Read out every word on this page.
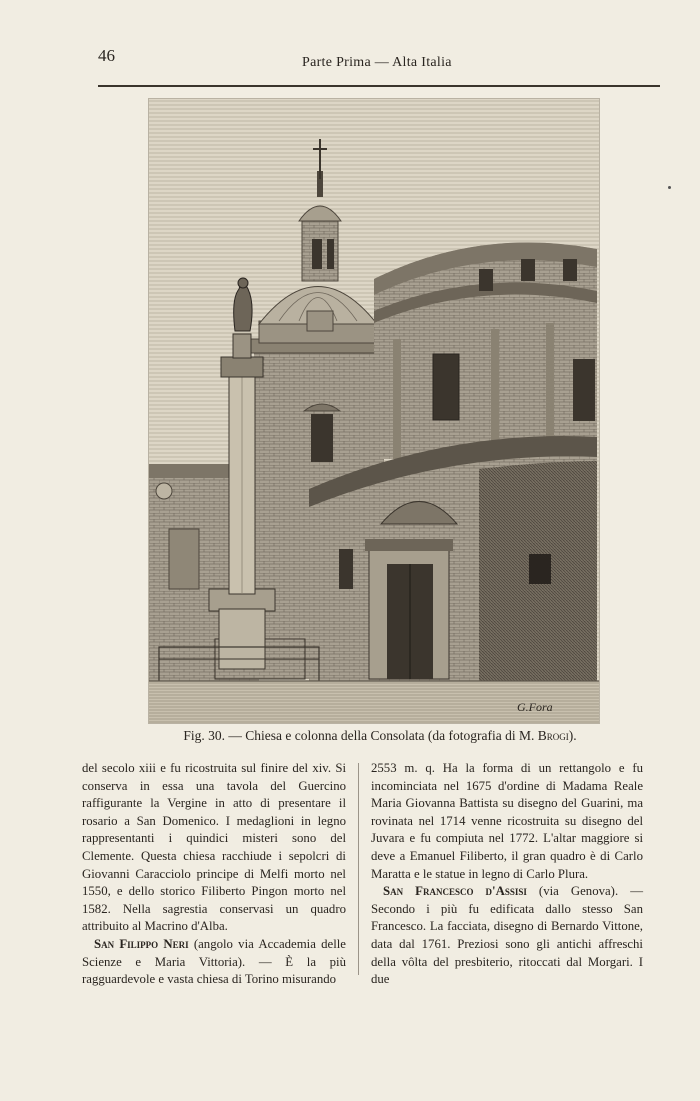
46	Parte Prima — Alta Italia
G.Fora
Fig. 30. — Chiesa e colonna della Consolata (da fotografia di M. Brogi).

del secolo xiii e fu ricostruita sul finire del xiv. Si conserva in essa una tavola del Guercino raffigurante la Vergine in atto di presentare il rosario a San Domenico. I medaglioni in legno rappresentanti i quindici misteri sono del Clemente. Questa chiesa racchiude i sepolcri di Giovanni Caracciolo principe di Melfi morto nel 1550, e dello storico Filiberto Pingon morto nel 1582. Nella sagrestia conservasi un quadro attribuito al Macrino d'Alba.

San Filippo Neri (angolo via Accademia delle Scienze e Maria Vittoria). — È la più ragguardevole e vasta chiesa di Torino misurando

2553 m. q. Ha la forma di un rettangolo e fu incominciata nel 1675 d'ordine di Madama Reale Maria Giovanna Battista su disegno del Guarini, ma rovinata nel 1714 venne ricostruita su disegno del Juvara e fu compiuta nel 1772. L'altar maggiore si deve a Emanuel Filiberto, il gran quadro è di Carlo Maratta e le statue in legno di Carlo Plura.

San Francesco d'Assisi (via Genova). — Secondo i più fu edificata dallo stesso San Francesco. La facciata, disegno di Bernardo Vittone, data dal 1761. Preziosi sono gli antichi affreschi della vôlta del presbiterio, ritoccati dal Morgari. I due
